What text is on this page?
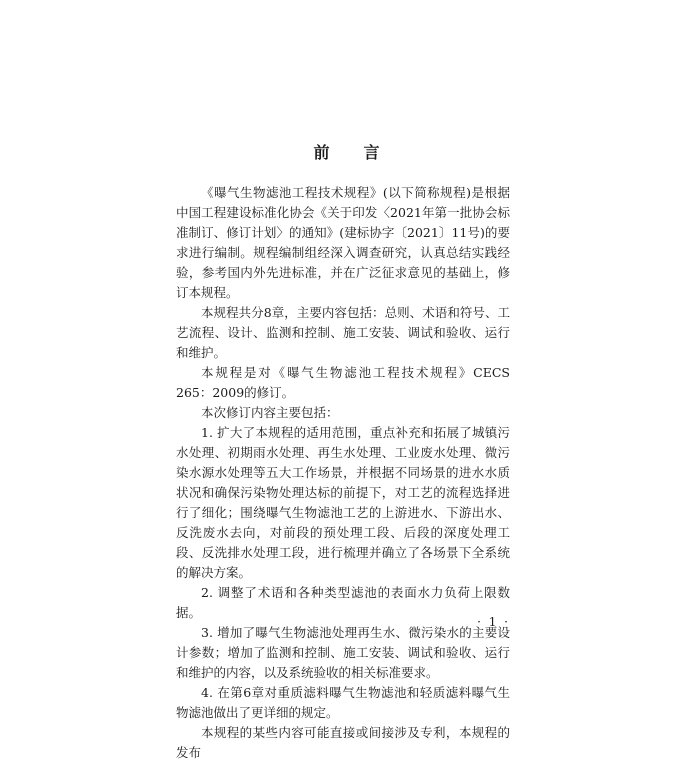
前言

《曝气生物滤池工程技术规程》(以下简称规程)是根据中国工程建设标准化协会《关于印发〈2021年第一批协会标准制订、修订计划〉的通知》(建标协字〔2021〕11号)的要求进行编制。规程编制组经深入调查研究，认真总结实践经验，参考国内外先进标准，并在广泛征求意见的基础上，修订本规程。

本规程共分8章，主要内容包括：总则、术语和符号、工艺流程、设计、监测和控制、施工安装、调试和验收、运行和维护。

本规程是对《曝气生物滤池工程技术规程》CECS 265：2009的修订。

本次修订内容主要包括：

1. 扩大了本规程的适用范围，重点补充和拓展了城镇污水处理、初期雨水处理、再生水处理、工业废水处理、微污染水源水处理等五大工作场景，并根据不同场景的进水水质状况和确保污染物处理达标的前提下，对工艺的流程选择进行了细化；围绕曝气生物滤池工艺的上游进水、下游出水、反洗废水去向，对前段的预处理工段、后段的深度处理工段、反洗排水处理工段，进行梳理并确立了各场景下全系统的解决方案。

2. 调整了术语和各种类型滤池的表面水力负荷上限数据。

3. 增加了曝气生物滤池处理再生水、微污染水的主要设计参数；增加了监测和控制、施工安装、调试和验收、运行和维护的内容，以及系统验收的相关标准要求。

4. 在第6章对重质滤料曝气生物滤池和轻质滤料曝气生物滤池做出了更详细的规定。

本规程的某些内容可能直接或间接涉及专利，本规程的发布

· 1 ·
